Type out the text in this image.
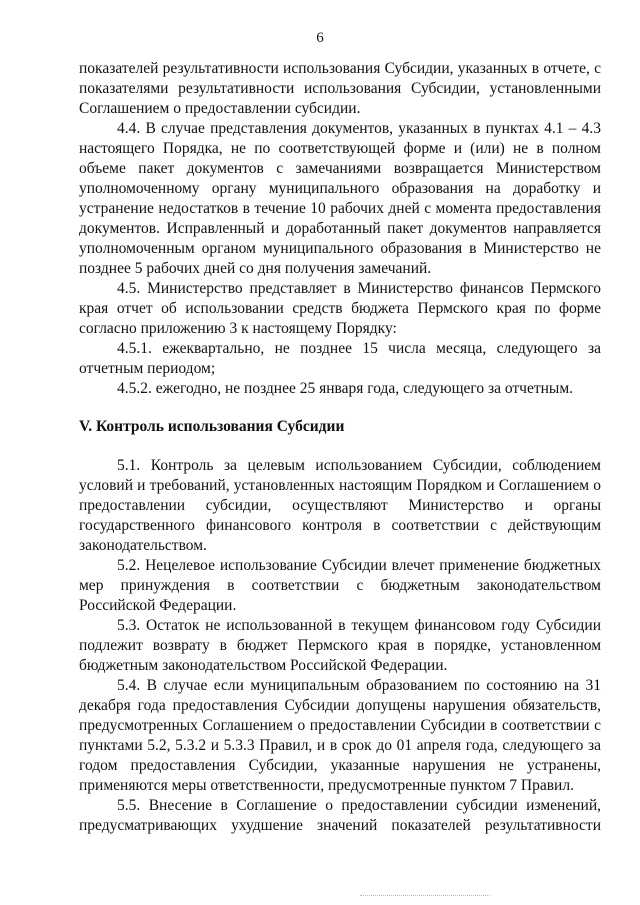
6

показателей результативности использования Субсидии, указанных в отчете, с показателями результативности использования Субсидии, установленными Соглашением о предоставлении субсидии.

4.4. В случае представления документов, указанных в пунктах 4.1 – 4.3 настоящего Порядка, не по соответствующей форме и (или) не в полном объеме пакет документов с замечаниями возвращается Министерством уполномоченному органу муниципального образования на доработку и устранение недостатков в течение 10 рабочих дней с момента предоставления документов. Исправленный и доработанный пакет документов направляется уполномоченным органом муниципального образования в Министерство не позднее 5 рабочих дней со дня получения замечаний.

4.5. Министерство представляет в Министерство финансов Пермского края отчет об использовании средств бюджета Пермского края по форме согласно приложению 3 к настоящему Порядку:

4.5.1. ежеквартально, не позднее 15 числа месяца, следующего за отчетным периодом;

4.5.2. ежегодно, не позднее 25 января года, следующего за отчетным.

V. Контроль использования Субсидии

5.1. Контроль за целевым использованием Субсидии, соблюдением условий и требований, установленных настоящим Порядком и Соглашением о предоставлении субсидии, осуществляют Министерство и органы государственного финансового контроля в соответствии с действующим законодательством.

5.2. Нецелевое использование Субсидии влечет применение бюджетных мер принуждения в соответствии с бюджетным законодательством Российской Федерации.

5.3. Остаток не использованной в текущем финансовом году Субсидии подлежит возврату в бюджет Пермского края в порядке, установленном бюджетным законодательством Российской Федерации.

5.4. В случае если муниципальным образованием по состоянию на 31 декабря года предоставления Субсидии допущены нарушения обязательств, предусмотренных Соглашением о предоставлении Субсидии в соответствии с пунктами 5.2, 5.3.2 и 5.3.3 Правил, и в срок до 01 апреля года, следующего за годом предоставления Субсидии, указанные нарушения не устранены, применяются меры ответственности, предусмотренные пунктом 7 Правил.

5.5. Внесение в Соглашение о предоставлении субсидии изменений, предусматривающих ухудшение значений показателей результативности
